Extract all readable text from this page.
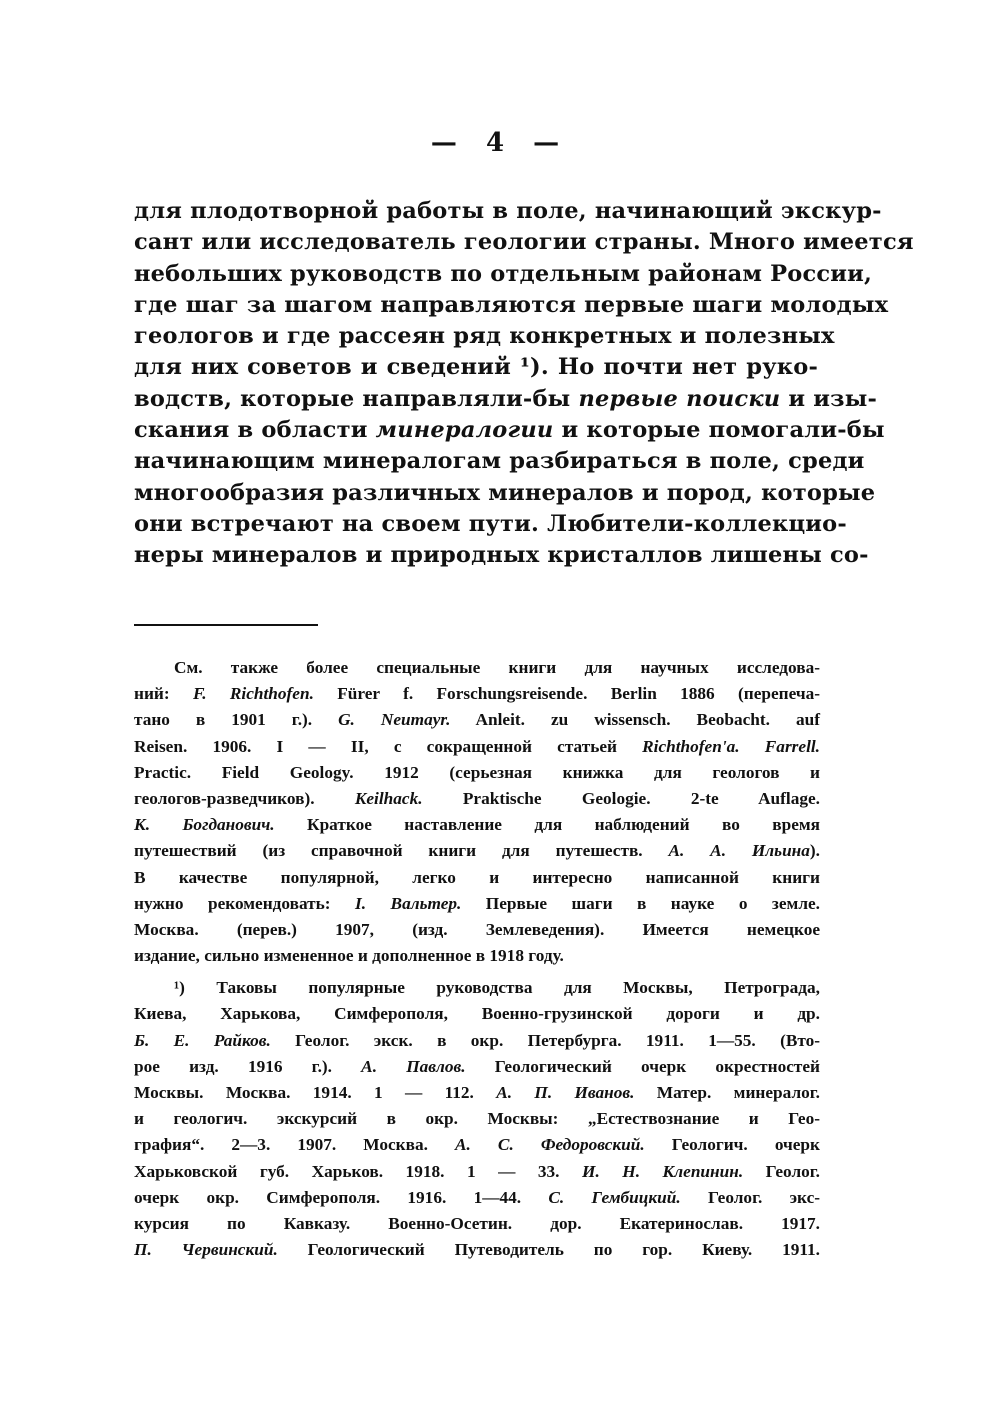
— 4 —
для плодотворной работы в поле, начинающий экскур-
сант или исследователь геологии страны. Много имеется
небольших руководств по отдельным районам России,
где шаг за шагом направляются первые шаги молодых
геологов и где рассеян ряд конкретных и полезных
для них советов и сведений ¹). Но почти нет руко-
водств, которые направляли-бы первые поиски и изы-
скания в области минералогии и которые помогали-бы
начинающим минералогам разбираться в поле, среди
многообразия различных минералов и пород, которые
они встречают на своем пути. Любители-коллекцио-
неры минералов и природных кристаллов лишены со-
См. также более специальные книги для научных исследова-
ний: F. Richthofen. Fürer f. Forschungsreisende. Berlin 1886 (перепеча-
тано в 1901 г.). G. Neumayr. Anleit. zu wissensch. Beobacht. auf
Reisen. 1906. I — II, с сокращенной статьей Richthofen'a. Farrell.
Practic. Field Geology. 1912 (серьезная книжка для геологов и
геологов-разведчиков). Keilhack. Praktische Geologie. 2-te Auflage.
К. Богданович. Краткое наставление для наблюдений во время
путешествий (из справочной книги для путешеств. А. А. Ильина).
В качестве популярной, легко и интересно написанной книги
нужно рекомендовать: I. Вальтер. Первые шаги в науке о земле.
Москва. (перев.) 1907, (изд. Землеведения). Имеется немецкое
издание, сильно измененное и дополненное в 1918 году.
¹) Таковы популярные руководства для Москвы, Петрограда,
Киева, Харькова, Симферополя, Военно-грузинской дороги и др.
Б. Е. Райков. Геолог. экск. в окр. Петербурга. 1911. 1—55. (Вто-
рое изд. 1916 г.). А. Павлов. Геологический очерк окрестностей
Москвы. Москва. 1914. 1 — 112. А. П. Иванов. Матер. минералог.
и геологич. экскурсий в окр. Москвы: „Естествознание и Гео-
графия“. 2—3. 1907. Москва. А. С. Федоровский. Геологич. очерк
Харьковской губ. Харьков. 1918. 1 — 33. И. Н. Клепинин. Геолог.
очерк окр. Симферополя. 1916. 1—44. С. Гембицкий. Геолог. экс-
курсия по Кавказу. Военно-Осетин. дор. Екатеринослав. 1917.
П. Червинский. Геологический Путеводитель по гор. Киеву. 1911.
